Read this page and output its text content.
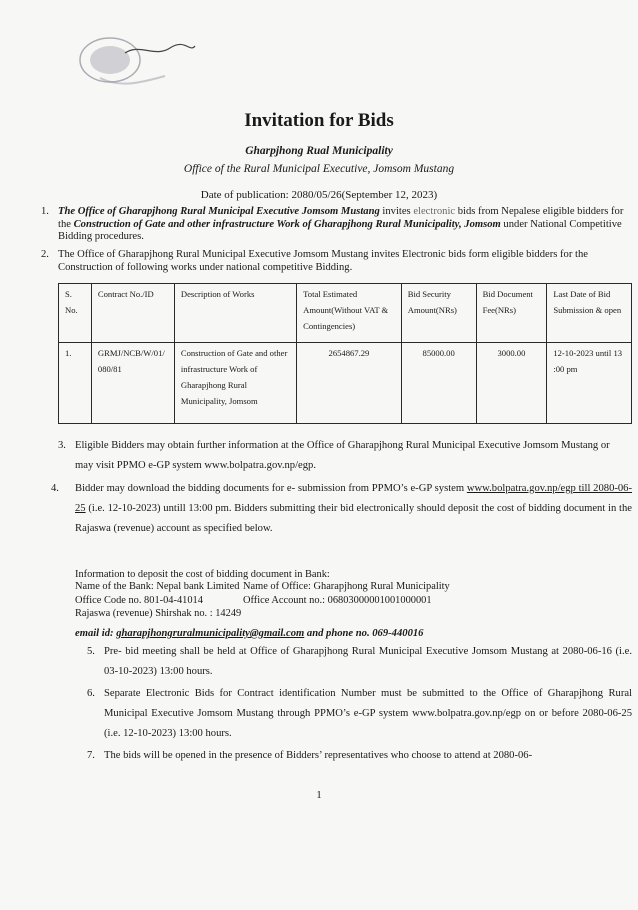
Invitation for Bids
Gharpjhong Rual Municipality
Office of the Rural Municipal Executive, Jomsom Mustang
Date of publication: 2080/05/26(September 12, 2023)
1. The Office of Gharapjhong Rural Municipal Executive Jomsom Mustang invites electronic bids from Nepalese eligible bidders for the Construction of Gate and other infrastructure Work of Gharapjhong Rural Municipality, Jomsom under National Competitive Bidding procedures.
2. The Office of Gharapjhong Rural Municipal Executive Jomsom Mustang invites Electronic bids form eligible bidders for the Construction of following works under national competitive Bidding.
S. No.	Contract No./ID	Description of Works	Total Estimated Amount(Without VAT & Contingencies)	Bid Security Amount(NRs)	Bid Document Fee(NRs)	Last Date of Bid Submission & open
1.	GRMJ/NCB/W/01/ 080/81	Construction of Gate and other infrastructure Work of Gharapjhong Rural Municipality, Jomsom	2654867.29	85000.00	3000.00	12-10-2023 until 13 :00 pm
3. Eligible Bidders may obtain further information at the Office of Gharapjhong Rural Municipal Executive Jomsom Mustang or may visit PPMO e-GP system www.bolpatra.gov.np/egp.
4. Bidder may download the bidding documents for e- submission from PPMO’s e-GP system www.bolpatra.gov.np/egp till 2080-06-25 (i.e. 12-10-2023) untill 13:00 pm. Bidders submitting their bid electronically should deposit the cost of bidding document in the Rajaswa (revenue) account as specified below.
Information to deposit the cost of bidding document in Bank:
Name of the Bank: Nepal bank Limited Name of Office: Gharapjhong Rural Municipality
Office Code no. 801-04-41014	Office Account no.: 06803000001001000001
Rajaswa (revenue) Shirshak no. : 14249
email id: gharapjhongruralmunicipality@gmail.com and phone no. 069-440016
5. Pre- bid meeting shall be held at Office of Gharapjhong Rural Municipal Executive Jomsom Mustang at 2080-06-16 (i.e. 03-10-2023) 13:00 hours.
6. Separate Electronic Bids for Contract identification Number must be submitted to the Office of Gharapjhong Rural Municipal Executive Jomsom Mustang through PPMO’s e-GP system www.bolpatra.gov.np/egp on or before 2080-06-25 (i.e. 12-10-2023) 13:00 hours.
7. The bids will be opened in the presence of Bidders’ representatives who choose to attend at 2080-06-
1
